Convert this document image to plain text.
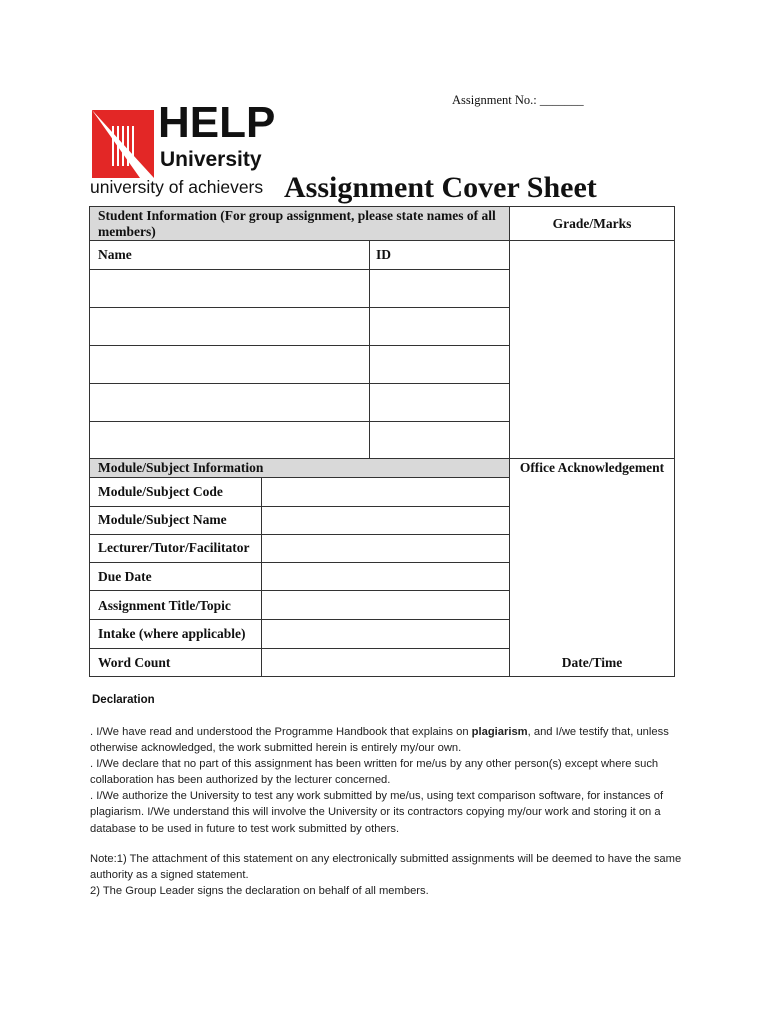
Assignment No.: _______
HELP
University
university of achievers Assignment Cover Sheet
Student Information (For group assignment, please state names of all members)
Grade/Marks
Name	ID
Module/Subject Information	Office Acknowledgement
Date/Time
Module/Subject Code
Module/Subject Name
Lecturer/Tutor/Facilitator
Due Date
Assignment Title/Topic
Intake (where applicable)
Word Count
Declaration

. I/We have read and understood the Programme Handbook that explains on plagiarism, and I/we testify that, unless otherwise acknowledged, the work submitted herein is entirely my/our own.

. I/We declare that no part of this assignment has been written for me/us by any other person(s) except where such collaboration has been authorized by the lecturer concerned.

. I/We authorize the University to test any work submitted by me/us, using text comparison software, for instances of plagiarism. I/We understand this will involve the University or its contractors copying my/our work and storing it on a database to be used in future to test work submitted by others.

Note:1) The attachment of this statement on any electronically submitted assignments will be deemed to have the same authority as a signed statement.

2) The Group Leader signs the declaration on behalf of all members.
